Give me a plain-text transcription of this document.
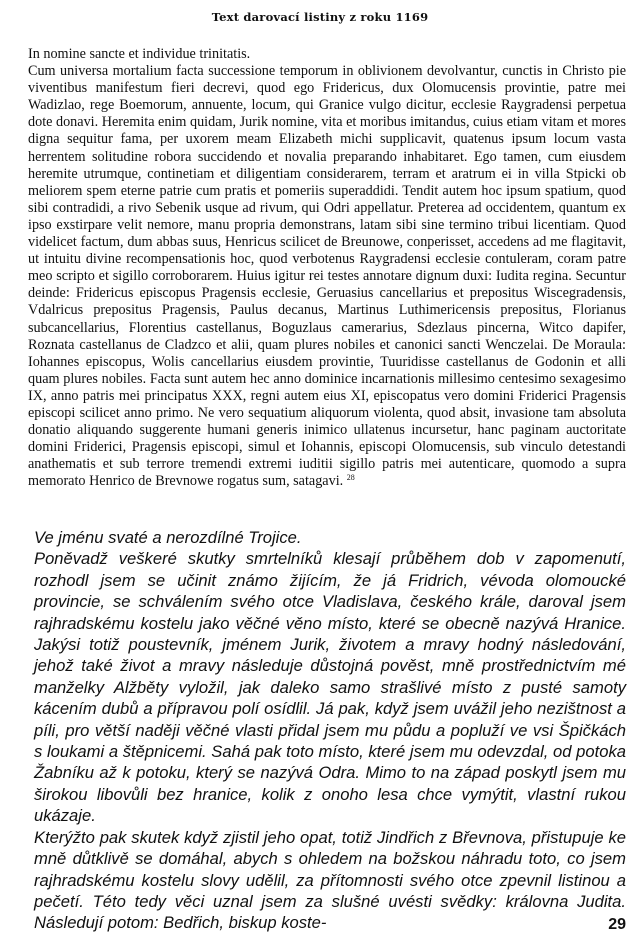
Text darovací listiny z roku 1169

In nomine sancte et individue trinitatis.

Cum universa mortalium facta successione temporum in oblivionem devolvantur, cunctis in Christo pie viventibus manifestum fieri decrevi, quod ego Fridericus, dux Olomucensis provintie, patre mei Wadizlao, rege Boemorum, annuente, locum, qui Granice vulgo dicitur, ecclesie Raygradensi perpetua dote donavi. Heremita enim quidam, Jurik nomine, vita et moribus imitandus, cuius etiam vitam et mores digna sequitur fama, per uxorem meam Elizabeth michi supplicavit, quatenus ipsum locum vasta herrentem solitudine robora succidendo et novalia preparando inhabitaret. Ego tamen, cum eiusdem heremite utrumque, continetiam et diligentiam considerarem, terram et aratrum ei in villa Stpicki ob meliorem spem eterne patrie cum pratis et pomeriis superaddidi. Tendit autem hoc ipsum spatium, quod sibi contradidi, a rivo Sebenik usque ad rivum, qui Odri appellatur. Preterea ad occidentem, quantum ex ipso exstirpare velit nemore, manu propria demonstrans, latam sibi sine termino tribui licentiam. Quod videlicet factum, dum abbas suus, Henricus scilicet de Breunowe, conperisset, accedens ad me flagitavit, ut intuitu divine recompensationis hoc, quod verbotenus Raygradensi ecclesie contuleram, coram patre meo scripto et sigillo corroborarem. Huius igitur rei testes annotare dignum duxi: Iudita regina. Secuntur deinde: Fridericus episcopus Pragensis ecclesie, Geruasius cancellarius et prepositus Wiscegradensis, Vdalricus prepositus Pragensis, Paulus decanus, Martinus Luthimericensis prepositus, Florianus subcancellarius, Florentius castellanus, Boguzlaus camerarius, Sdezlaus pincerna, Witco dapifer, Roznata castellanus de Cladzco et alii, quam plures nobiles et canonici sancti Wenczelai. De Moraula: Iohannes episcopus, Wolis cancellarius eiusdem provintie, Tuuridisse castellanus de Godonin et alli quam plures nobiles. Facta sunt autem hec anno dominice incarnationis millesimo centesimo sexagesimo IX, anno patris mei principatus XXX, regni autem eius XI, episcopatus vero domini Friderici Pragensis episcopi scilicet anno primo. Ne vero sequatium aliquorum violenta, quod absit, invasione tam absoluta donatio aliquando suggerente humani generis inimico ullatenus incursetur, hanc paginam auctoritate domini Friderici, Pragensis episcopi, simul et Iohannis, episcopi Olomucensis, sub vinculo detestandi anathematis et sub terrore tremendi extremi iuditii sigillo patris mei autenticare, quomodo a supra memorato Henrico de Brevnowe rogatus sum, satagavi. $^{28}$

Ve jménu svaté a nerozdílné Trojice.

Poněvadž veškeré skutky smrtelníků klesají průběhem dob v zapomenutí, rozhodl jsem se učinit známo žijícím, že já Fridrich, vévoda olomoucké provincie, se schválením svého otce Vladislava, českého krále, daroval jsem rajhradskému kostelu jako věčné věno místo, které se obecně nazývá Hranice. Jakýsi totiž poustevník, jménem Jurik, životem a mravy hodný následování, jehož také život a mravy následuje důstojná pověst, mně prostřednictvím mé manželky Alžběty vyložil, jak daleko samo strašlivé místo z pusté samoty kácením dubů a přípravou polí osídlil. Já pak, když jsem uvážil jeho nezištnost a píli, pro větší naději věčné vlasti přidal jsem mu půdu a popluží ve vsi Špičkách s loukami a štěpnicemi. Sahá pak toto místo, které jsem mu odevzdal, od potoka Žabníku až k potoku, který se nazývá Odra. Mimo to na západ poskytl jsem mu širokou libovůli bez hranice, kolik z onoho lesa chce vymýtit, vlastní rukou ukázaje.

Kterýžto pak skutek když zjistil jeho opat, totiž Jindřich z Břevnova, přistupuje ke mně důtklivě se domáhal, abych s ohledem na božskou náhradu toto, co jsem rajhradskému kostelu slovy udělil, za přítomnosti svého otce zpevnil listinou a pečetí. Této tedy věci uznal jsem za slušné uvésti svědky: královna Judita. Následují potom: Bedřich, biskup koste-	29
